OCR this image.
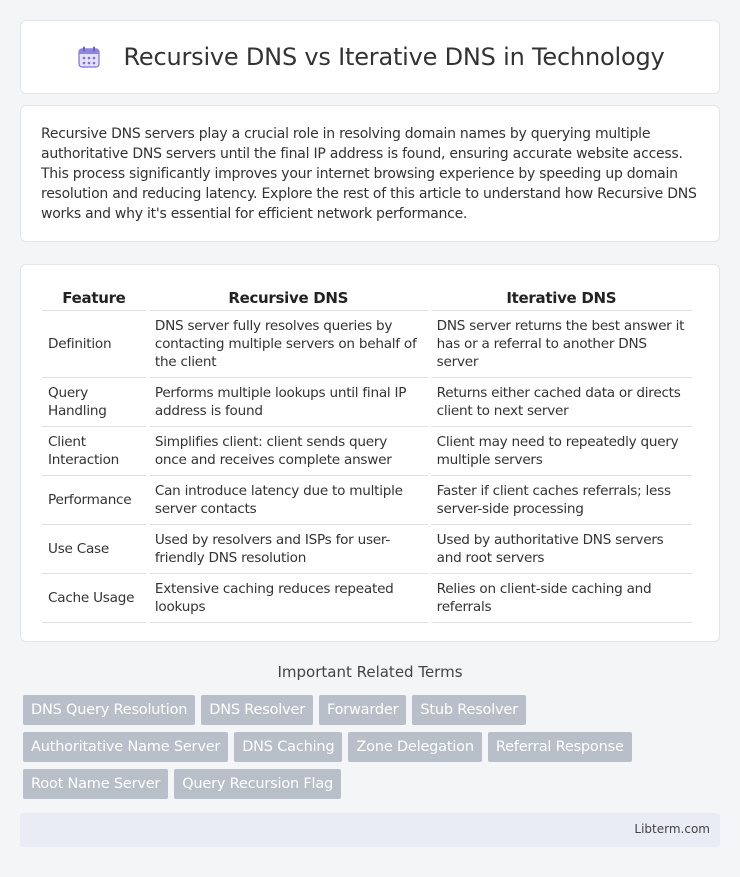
Recursive DNS vs Iterative DNS in Technology

Recursive DNS servers play a crucial role in resolving domain names by querying multiple authoritative DNS servers until the final IP address is found, ensuring accurate website access. This process significantly improves your internet browsing experience by speeding up domain resolution and reducing latency. Explore the rest of this article to understand how Recursive DNS works and why it's essential for efficient network performance.

Feature	Recursive DNS	Iterative DNS
Definition	DNS server fully resolves queries by contacting multiple servers on behalf of the client	DNS server returns the best answer it has or a referral to another DNS server
Query Handling	Performs multiple lookups until final IP address is found	Returns either cached data or directs client to next server
Client Interaction	Simplifies client: client sends query once and receives complete answer	Client may need to repeatedly query multiple servers
Performance	Can introduce latency due to multiple server contacts	Faster if client caches referrals; less server-side processing
Use Case	Used by resolvers and ISPs for user-friendly DNS resolution	Used by authoritative DNS servers and root servers
Cache Usage	Extensive caching reduces repeated lookups	Relies on client-side caching and referrals
Important Related Terms
DNS Query Resolution	DNS Resolver	Forwarder	Stub Resolver
Authoritative Name Server	DNS Caching	Zone Delegation	Referral Response
Root Name Server	Query Recursion Flag
Libterm.com
